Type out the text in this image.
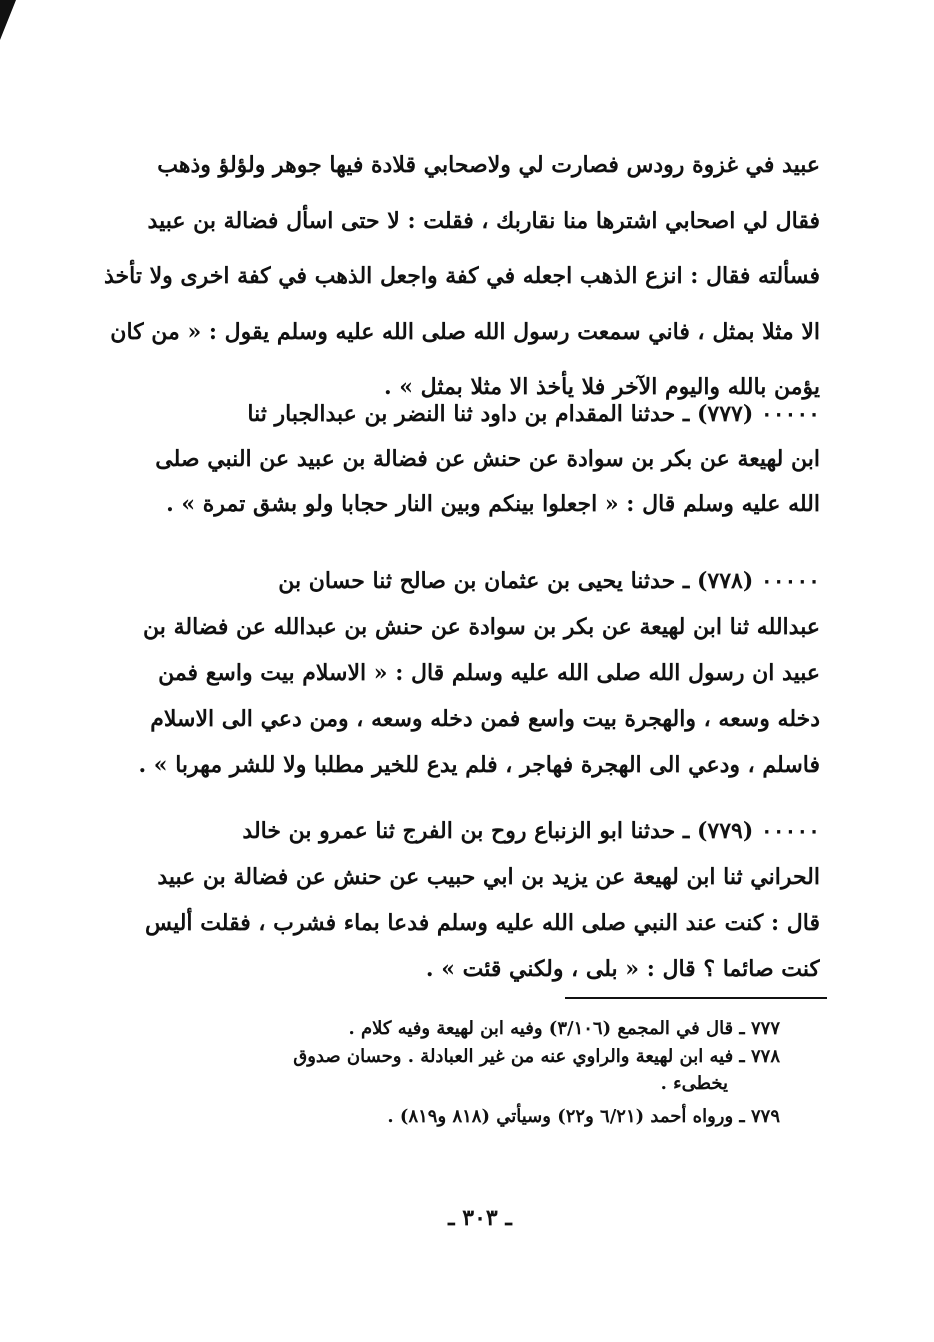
عبيد في غزوة رودس فصارت لي ولاصحابي قلادة فيها جوهر ولؤلؤ وذهب
فقال لي اصحابي اشترها منا نقاربك ، فقلت : لا حتى اسأل فضالة بن عبيد
فسألته فقال : انزع الذهب اجعله في كفة واجعل الذهب في كفة اخرى ولا تأخذ
الا مثلا بمثل ، فاني سمعت رسول الله صلى الله عليه وسلم يقول : « من كان
يؤمن بالله واليوم الآخر فلا يأخذ الا مثلا بمثل » .
٠٠٠٠٠ (٧٧٧) ـ حدثنا المقدام بن داود ثنا النضر بن عبدالجبار ثنا
ابن لهيعة عن بكر بن سوادة عن حنش عن فضالة بن عبيد عن النبي صلى
الله عليه وسلم قال : « اجعلوا بينكم وبين النار حجابا ولو بشق تمرة » .
٠٠٠٠٠ (٧٧٨) ـ حدثنا يحيى بن عثمان بن صالح ثنا حسان بن
عبدالله ثنا ابن لهيعة عن بكر بن سوادة عن حنش بن عبدالله عن فضالة بن
عبيد ان رسول الله صلى الله عليه وسلم قال : « الاسلام بيت واسع فمن
دخله وسعه ، والهجرة بيت واسع فمن دخله وسعه ، ومن دعي الى الاسلام
فاسلم ، ودعي الى الهجرة فهاجر ، فلم يدع للخير مطلبا ولا للشر مهربا » .
٠٠٠٠٠ (٧٧٩) ـ حدثنا ابو الزنباع روح بن الفرج ثنا عمرو بن خالد
الحراني ثنا ابن لهيعة عن يزيد بن ابي حبيب عن حنش عن فضالة بن عبيد
قال : كنت عند النبي صلى الله عليه وسلم فدعا بماء فشرب ، فقلت أليس
كنت صائما ؟ قال : « بلى ، ولكني قئت » .
٧٧٧ ـ قال في المجمع (٣/١٠٦) وفيه ابن لهيعة وفيه كلام .
٧٧٨ ـ فيه ابن لهيعة والراوي عنه من غير العبادلة . وحسان صدوق
يخطىء .
٧٧٩ ـ ورواه أحمد (٦/٢١ و٢٢) وسيأتي (٨١٨ و٨١٩) .
ـ ٣٠٣ ـ
